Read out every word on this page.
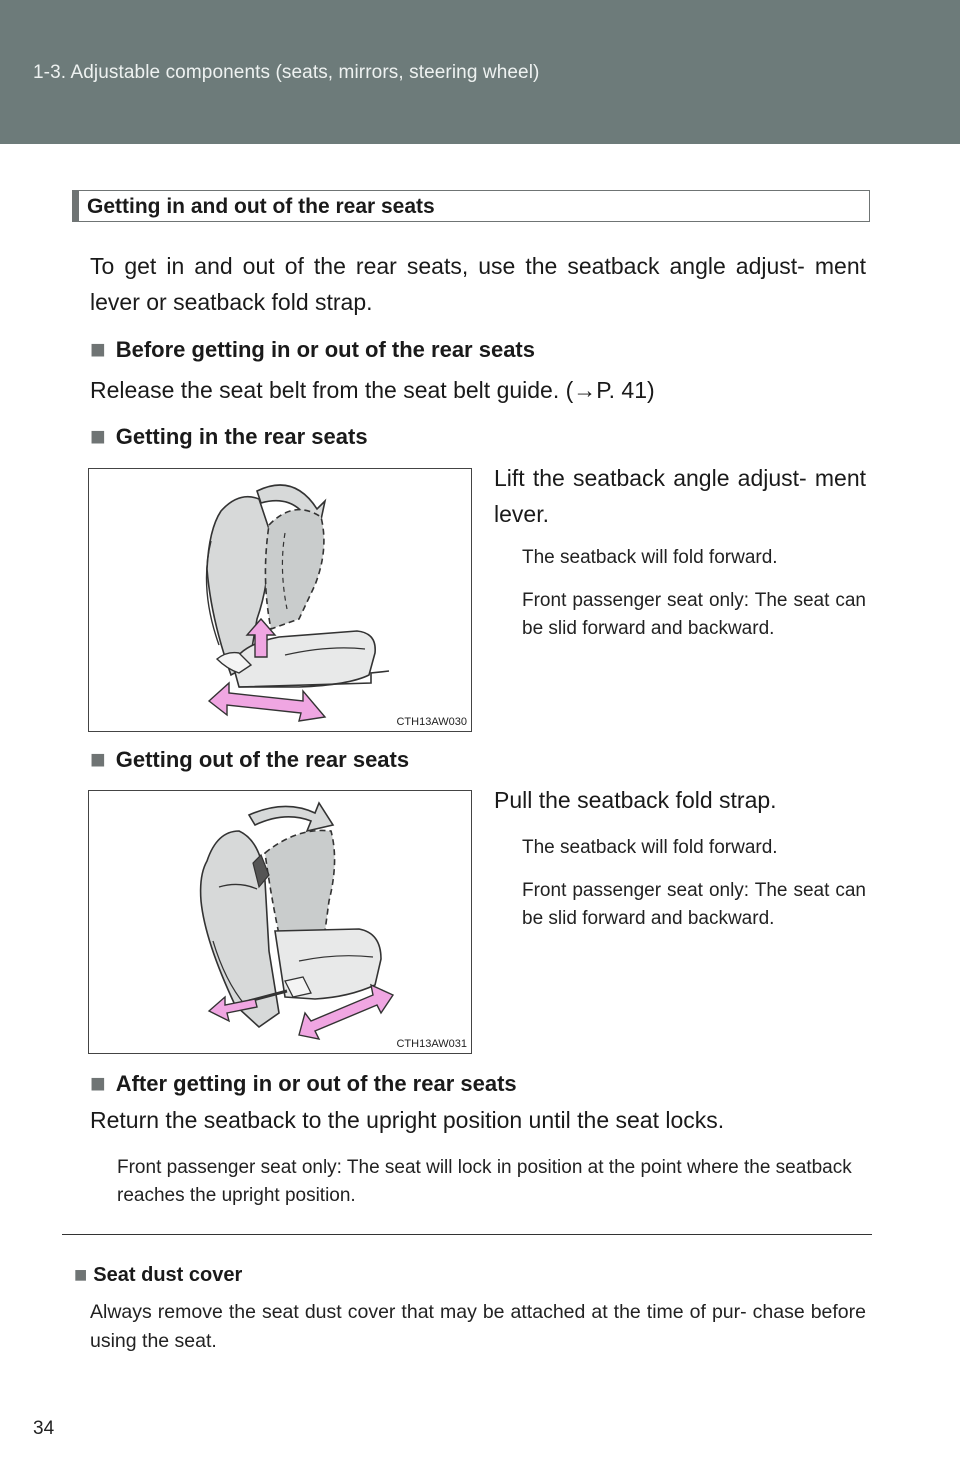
1-3. Adjustable components (seats, mirrors, steering wheel)
Getting in and out of the rear seats
To get in and out of the rear seats, use the seatback angle adjust- ment lever or seatback fold strap.
■ Before getting in or out of the rear seats
Release the seat belt from the seat belt guide. (→P. 41)
■ Getting in the rear seats
CTH13AW030
Lift the seatback angle adjust- ment lever.
The seatback will fold forward.
Front passenger seat only: The seat can be slid forward and backward.
■ Getting out of the rear seats
CTH13AW031
Pull the seatback fold strap.
The seatback will fold forward.
Front passenger seat only: The seat can be slid forward and backward.
■ After getting in or out of the rear seats
Return the seatback to the upright position until the seat locks.
Front passenger seat only: The seat will lock in position at the point where the seatback reaches the upright position.
■ Seat dust cover
Always remove the seat dust cover that may be attached at the time of pur- chase before using the seat.
34
